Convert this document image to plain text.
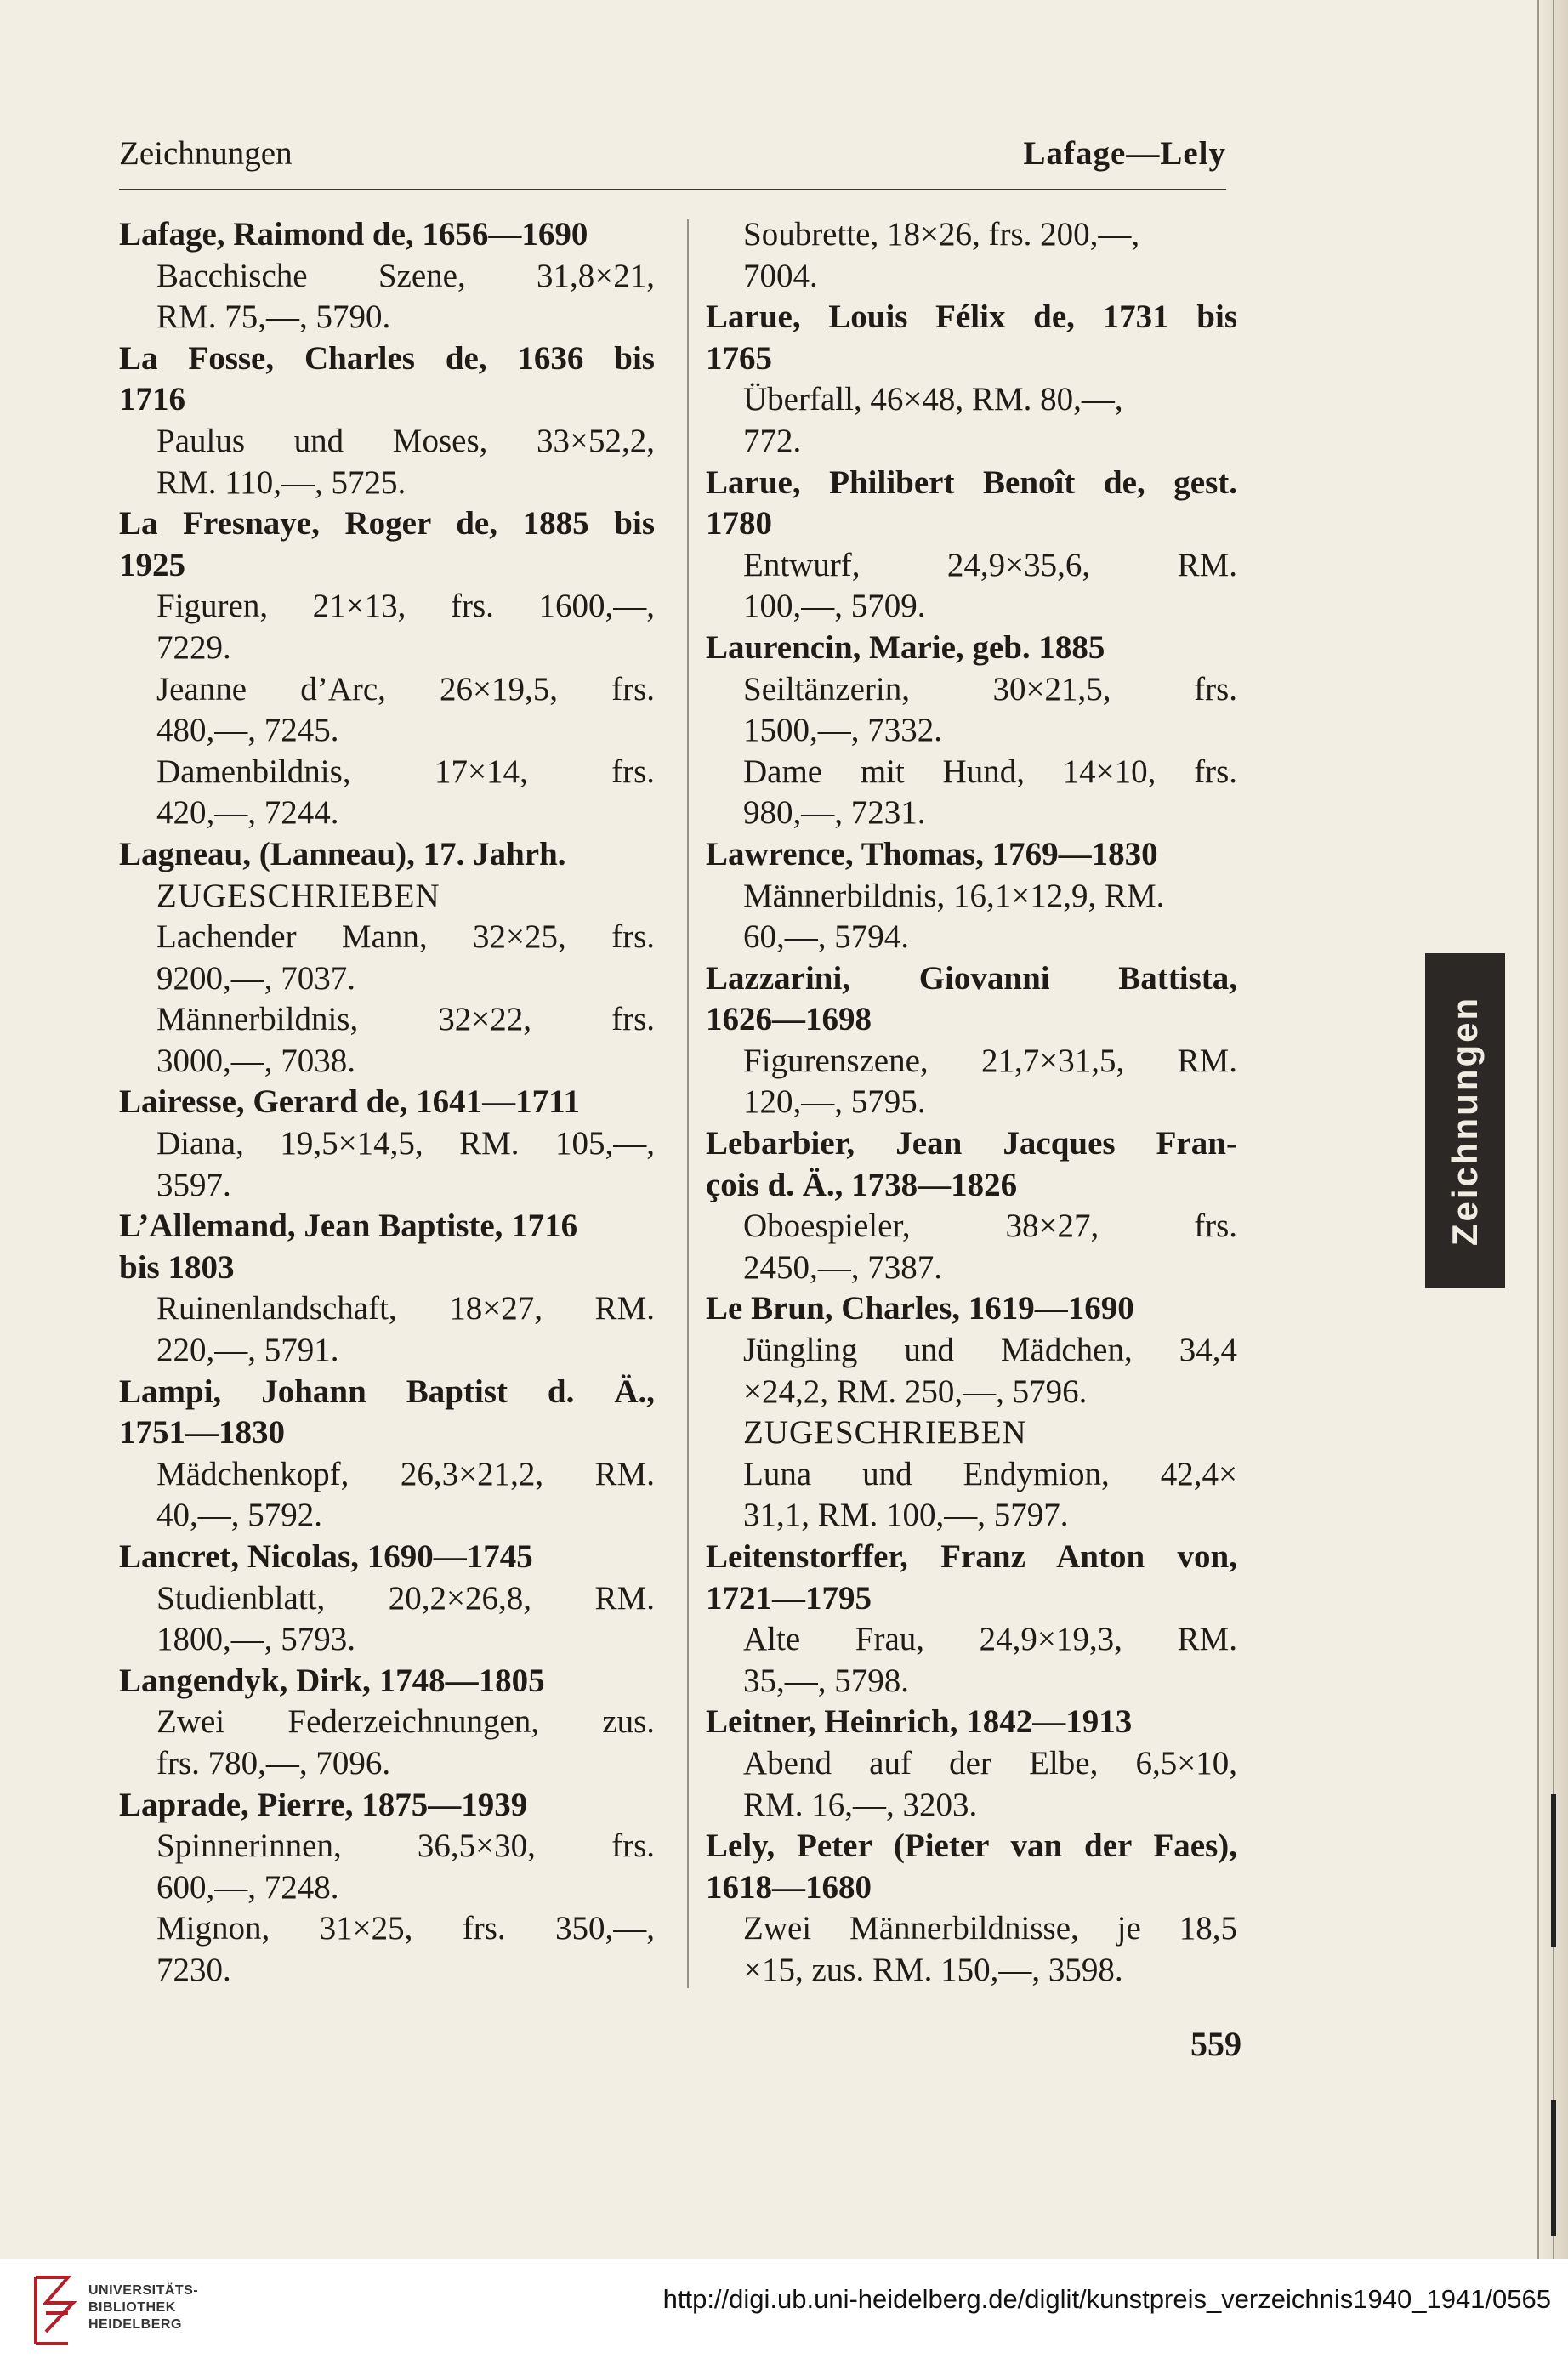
Zeichnungen	Lafage—Lely
Lafage, Raimond de, 1656—1690
Bacchische Szene, 31,8×21,
RM. 75,—, 5790.
La Fosse, Charles de, 1636 bis
1716
Paulus und Moses, 33×52,2,
RM. 110,—, 5725.
La Fresnaye, Roger de, 1885 bis
1925
Figuren, 21×13, frs. 1600,—,
7229.
Jeanne d’Arc, 26×19,5, frs.
480,—, 7245.
Damenbildnis, 17×14, frs.
420,—, 7244.
Lagneau, (Lanneau), 17. Jahrh.
ZUGESCHRIEBEN
Lachender Mann, 32×25, frs.
9200,—, 7037.
Männerbildnis, 32×22, frs.
3000,—, 7038.
Lairesse, Gerard de, 1641—1711
Diana, 19,5×14,5, RM. 105,—,
3597.
L’Allemand, Jean Baptiste, 1716
bis 1803
Ruinenlandschaft, 18×27, RM.
220,—, 5791.
Lampi, Johann Baptist d. Ä.,
1751—1830
Mädchenkopf, 26,3×21,2, RM.
40,—, 5792.
Lancret, Nicolas, 1690—1745
Studienblatt, 20,2×26,8, RM.
1800,—, 5793.
Langendyk, Dirk, 1748—1805
Zwei Federzeichnungen, zus.
frs. 780,—, 7096.
Laprade, Pierre, 1875—1939
Spinnerinnen, 36,5×30, frs.
600,—, 7248.
Mignon, 31×25, frs. 350,—,
7230.
Soubrette, 18×26, frs. 200,—,
7004.
Larue, Louis Félix de, 1731 bis
1765
Überfall, 46×48, RM. 80,—,
772.
Larue, Philibert Benoît de, gest.
1780
Entwurf, 24,9×35,6, RM.
100,—, 5709.
Laurencin, Marie, geb. 1885
Seiltänzerin, 30×21,5, frs.
1500,—, 7332.
Dame mit Hund, 14×10, frs.
980,—, 7231.
Lawrence, Thomas, 1769—1830
Männerbildnis, 16,1×12,9, RM.
60,—, 5794.
Lazzarini, Giovanni Battista,
1626—1698
Figurenszene, 21,7×31,5, RM.
120,—, 5795.
Lebarbier, Jean Jacques Fran-
çois d. Ä., 1738—1826
Oboespieler, 38×27, frs.
2450,—, 7387.
Le Brun, Charles, 1619—1690
Jüngling und Mädchen, 34,4
×24,2, RM. 250,—, 5796.
ZUGESCHRIEBEN
Luna und Endymion, 42,4×
31,1, RM. 100,—, 5797.
Leitenstorffer, Franz Anton von,
1721—1795
Alte Frau, 24,9×19,3, RM.
35,—, 5798.
Leitner, Heinrich, 1842—1913
Abend auf der Elbe, 6,5×10,
RM. 16,—, 3203.
Lely, Peter (Pieter van der Faes),
1618—1680
Zwei Männerbildnisse, je 18,5
×15, zus. RM. 150,—, 3598.
Zeichnungen
559
UNIVERSITÄTS-
BIBLIOTHEK
HEIDELBERG
http://digi.ub.uni-heidelberg.de/diglit/kunstpreis_verzeichnis1940_1941/0565
